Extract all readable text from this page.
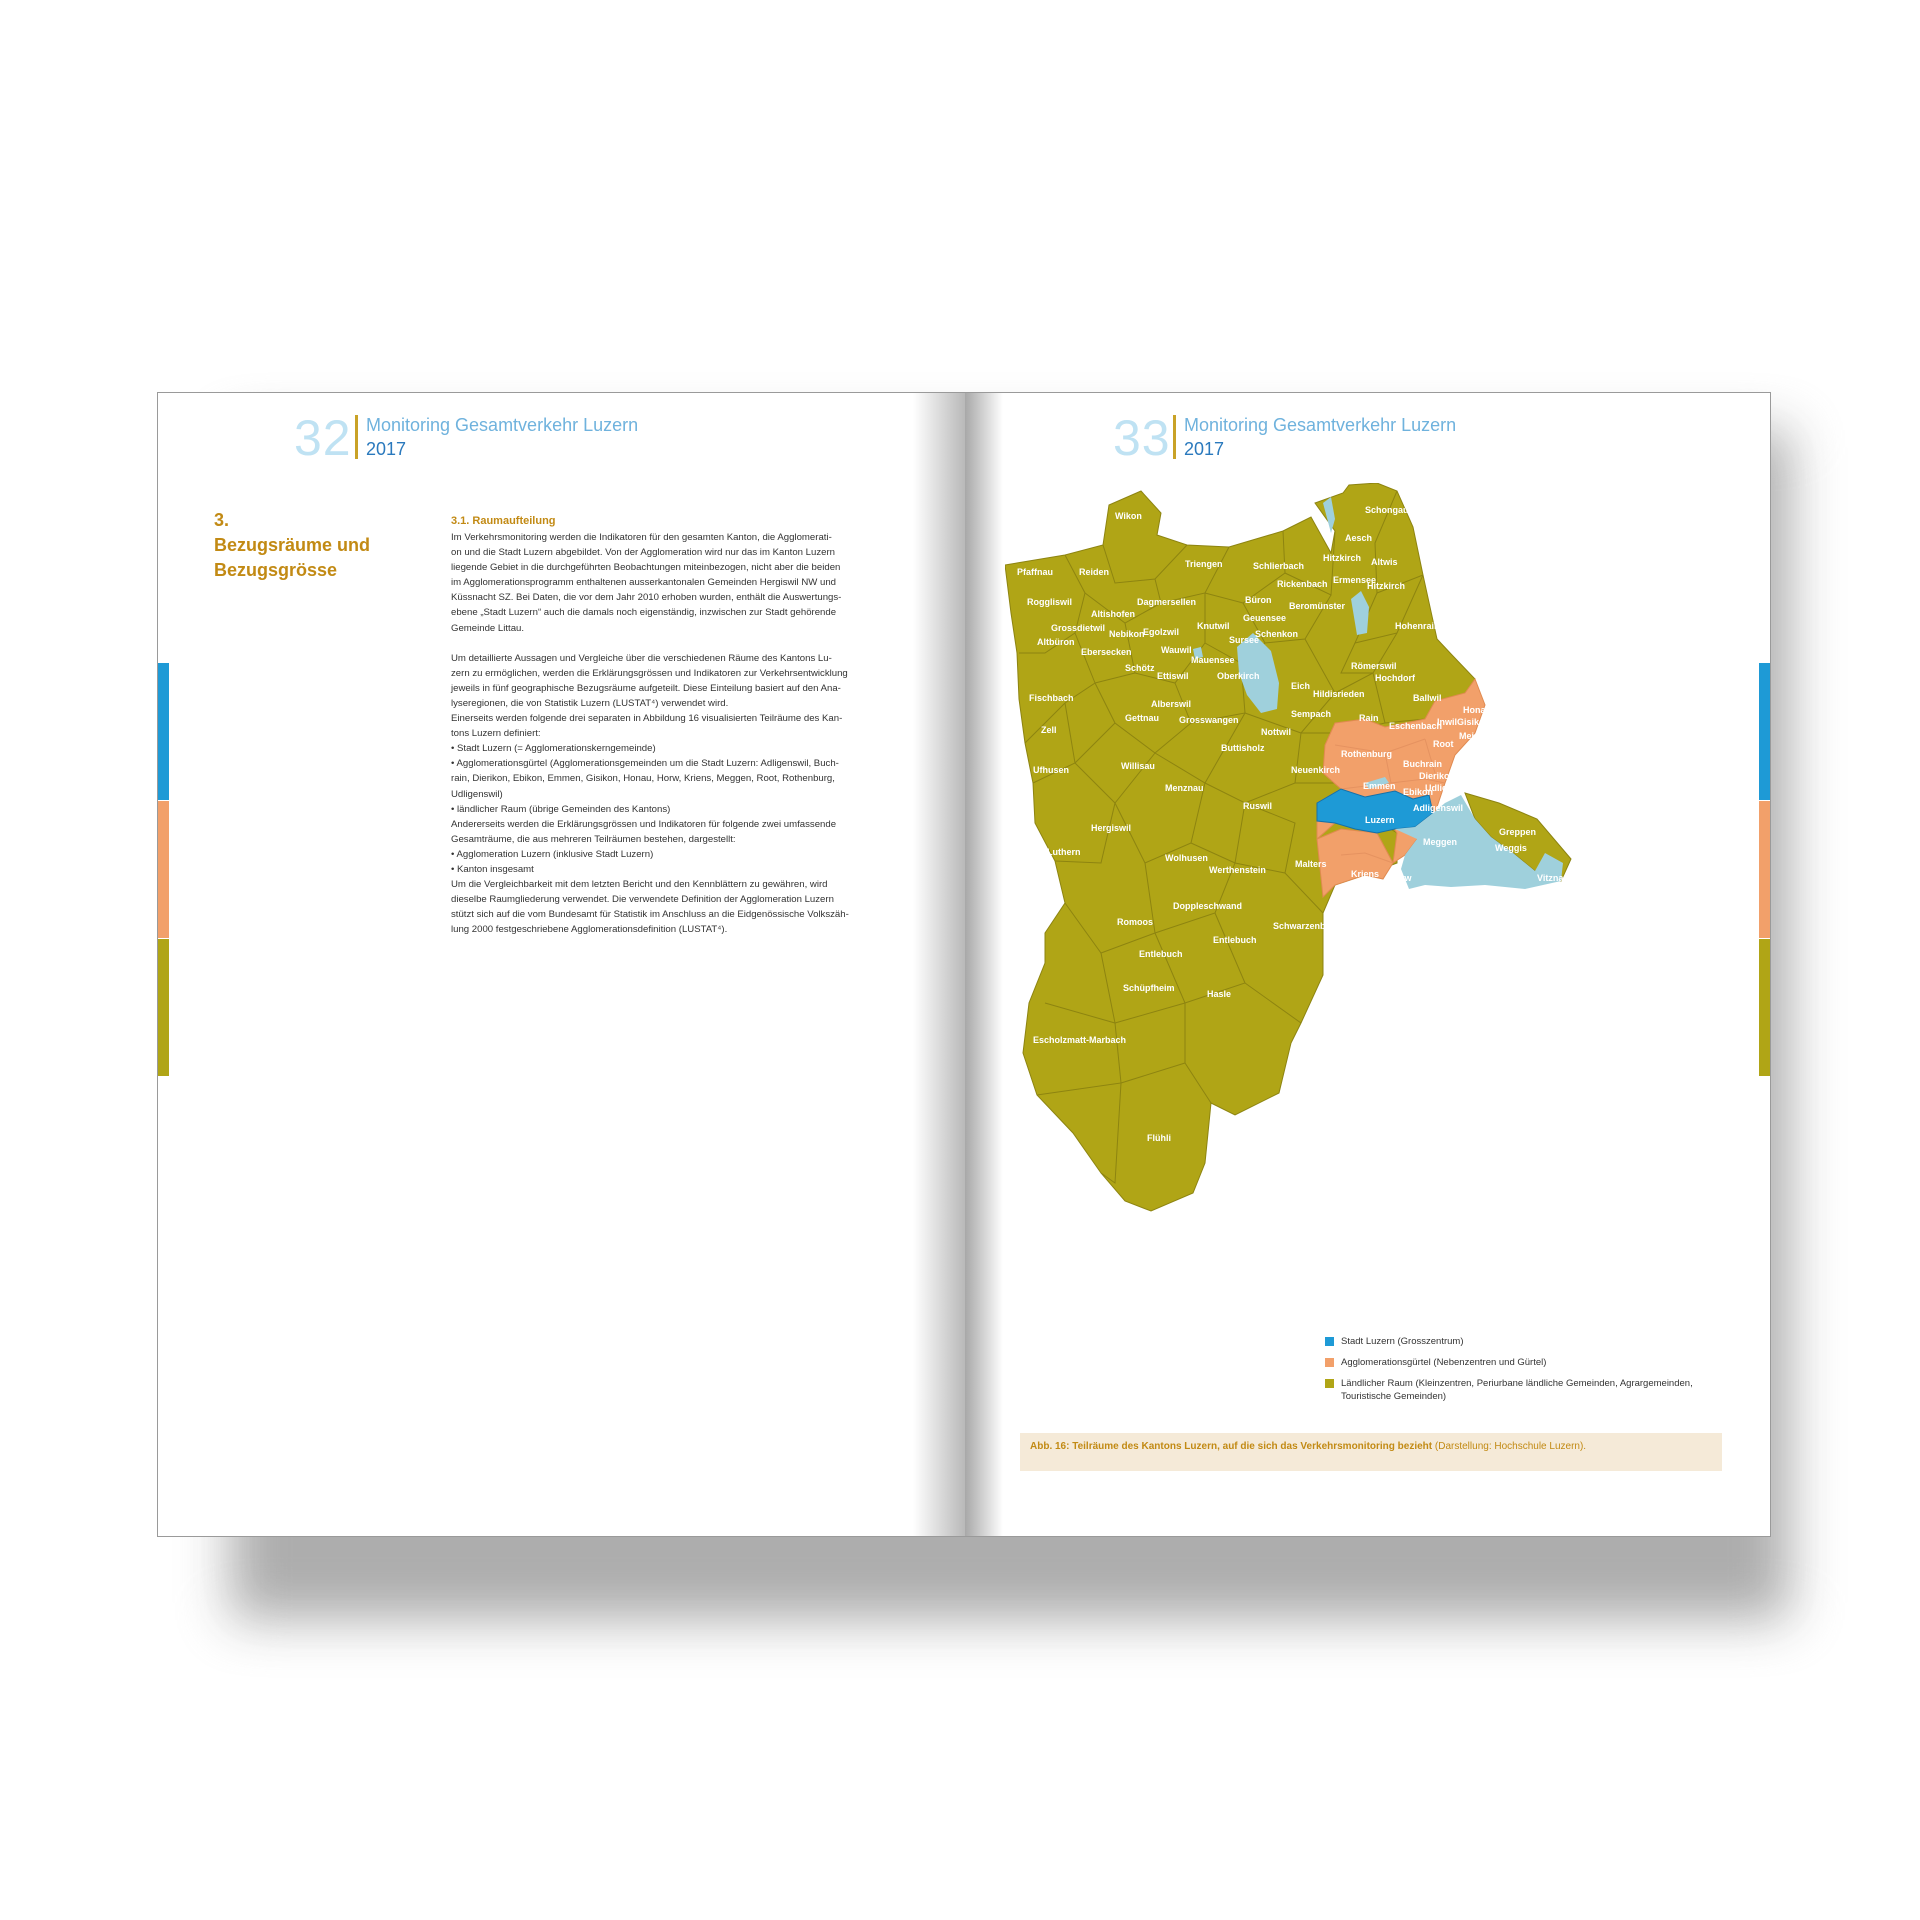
32 Monitoring Gesamtverkehr Luzern
2017
3.
Bezugsräume und Bezugsgrösse
3.1. Raumaufteilung

Im Verkehrsmonitoring werden die Indikatoren für den gesamten Kanton, die Agglomerati-
on und die Stadt Luzern abgebildet. Von der Agglomeration wird nur das im Kanton Luzern
liegende Gebiet in die durchgeführten Beobachtungen miteinbezogen, nicht aber die beiden
im Agglomerationsprogramm enthaltenen ausserkantonalen Gemeinden Hergiswil NW und
Küssnacht SZ. Bei Daten, die vor dem Jahr 2010 erhoben wurden, enthält die Auswertungs-
ebene „Stadt Luzern“ auch die damals noch eigenständig, inzwischen zur Stadt gehörende
Gemeinde Littau.

Um detaillierte Aussagen und Vergleiche über die verschiedenen Räume des Kantons Lu-
zern zu ermöglichen, werden die Erklärungsgrössen und Indikatoren zur Verkehrsentwicklung
jeweils in fünf geographische Bezugsräume aufgeteilt. Diese Einteilung basiert auf den Ana-
lyseregionen, die von Statistik Luzern (LUSTAT⁴) verwendet wird.
Einerseits werden folgende drei separaten in Abbildung 16 visualisierten Teilräume des Kan-
tons Luzern definiert:
• Stadt Luzern (= Agglomerationskerngemeinde)
• Agglomerationsgürtel (Agglomerationsgemeinden um die Stadt Luzern: Adligenswil, Buch-
rain, Dierikon, Ebikon, Emmen, Gisikon, Honau, Horw, Kriens, Meggen, Root, Rothenburg,
Udligenswil)
• ländlicher Raum (übrige Gemeinden des Kantons)
Andererseits werden die Erklärungsgrössen und Indikatoren für folgende zwei umfassende
Gesamträume, die aus mehreren Teilräumen bestehen, dargestellt:
• Agglomeration Luzern (inklusive Stadt Luzern)
• Kanton insgesamt
Um die Vergleichbarkeit mit dem letzten Bericht und den Kennblättern zu gewähren, wird
dieselbe Raumgliederung verwendet. Die verwendete Definition der Agglomeration Luzern
stützt sich auf die vom Bundesamt für Statistik im Anschluss an die Eidgenössische Volkszäh-
lung 2000 festgeschriebene Agglomerationsdefinition (LUSTAT⁴).

33 Monitoring Gesamtverkehr Luzern
2017
Wikon
Pfaffnau	Reiden
Roggliswil
Altishofen
Grossdietwil
Altbüron
Nebikon
Dagmersellen
Egolzwil
Ebersecken
Triengen	Schlierbach
Rickenbach
Büron
Geuensee
Knutwil
Wauwil
Schötz
Fischbach
Ettiswil
Mauensee
Sursee
Schenkon
Oberkirch
Beromünster
Eich
Sempach
Nottwil
Alberswil
Gettnau Grosswangen
Buttisholz
Zell
Ufhusen	Willisau
Menznau
Ruswil
Neuenkirch
Hergiswil
Luthern
Wolhusen
Werthenstein
Malters
Doppleschwand
Romoos
Entlebuch
Entlebuch
Schwarzenberg
Schüpfheim
Hasle
Escholzmatt-Marbach
Flühli
Schongau
Aesch
Hitzkirch Altwis
Ermensee
Hitzkirch
Hohenrain
Römerswil
Hochdorf
Ballwil
Hildisrieden
Rain
Eschenbach
Inwil
Honau
Gisikon
Meierskappel
Root
Rothenburg
Buchrain
Dierikon
Udligenswil
Emmen
Ebikon
Adligenswil
Luzern
Meggen
Kriens Horw
Greppen
Weggis
Vitznau
Stadt Luzern (Grosszentrum)
Agglomerationsgürtel (Nebenzentren und Gürtel)
Ländlicher Raum (Kleinzentren, Periurbane ländliche Gemeinden, Agrargemeinden, Touristische Gemeinden)
Abb. 16: Teilräume des Kantons Luzern, auf die sich das Verkehrsmonitoring bezieht (Darstellung: Hochschule Luzern).
